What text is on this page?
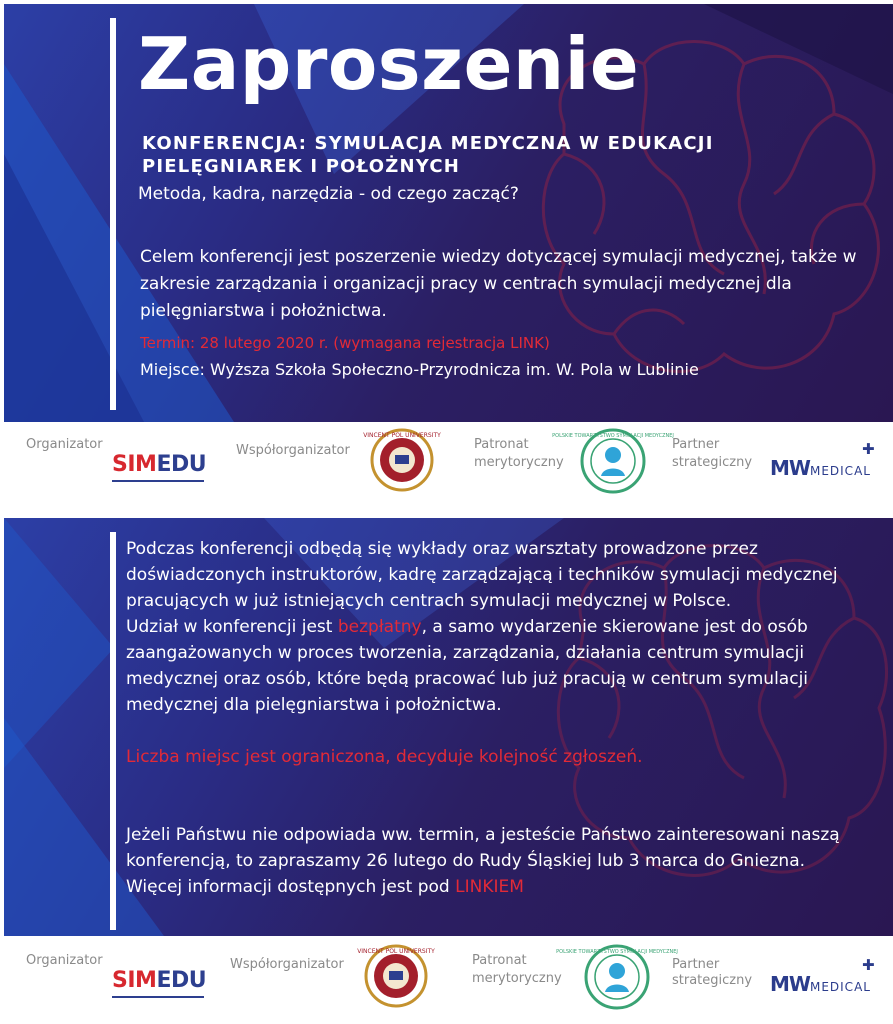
Zaproszenie
KONFERENCJA: SYMULACJA MEDYCZNA W EDUKACJI PIELĘGNIAREK I POŁOŻNYCH
Metoda, kadra, narzędzia - od czego zacząć?
Celem konferencji jest poszerzenie wiedzy dotyczącej symulacji medycznej, także w zakresie zarządzania i organizacji pracy w centrach symulacji medycznej dla pielęgniarstwa i położnictwa.
Termin: 28 lutego 2020 r. (wymagana rejestracja LINK)
Miejsce: Wyższa Szkoła Społeczno-Przyrodnicza im. W. Pola w Lublinie
Organizator
SIMEDU
Współorganizator
VINCENT POL UNIVERSITY
Patronat
merytoryczny
POLSKIE TOWARZYSTWO SYMULACJI MEDYCZNEJ
Partner
strategiczny MWMEDICAL
✚

Podczas konferencji odbędą się wykłady oraz warsztaty prowadzone przez doświadczonych instruktorów, kadrę zarządzającą i techników symulacji medycznej pracujących w już istniejących centrach symulacji medycznej w Polsce.

Udział w konferencji jest bezpłatny, a samo wydarzenie skierowane jest do osób zaangażowanych w proces tworzenia, zarządzania, działania centrum symulacji medycznej oraz osób, które będą pracować lub już pracują w centrum symulacji medycznej dla pielęgniarstwa i położnictwa.

Liczba miejsc jest ograniczona, decyduje kolejność zgłoszeń.

Jeżeli Państwu nie odpowiada ww. termin, a jesteście Państwo zainteresowani naszą konferencją, to zapraszamy 26 lutego do Rudy Śląskiej lub 3 marca do Gniezna. Więcej informacji dostępnych jest pod LINKIEM

Organizator
SIMEDU
Współorganizator
VINCENT POL UNIVERSITY
Patronat
merytoryczny
POLSKIE TOWARZYSTWO SYMULACJI MEDYCZNEJ
Partner
strategiczny MWMEDICAL
✚
